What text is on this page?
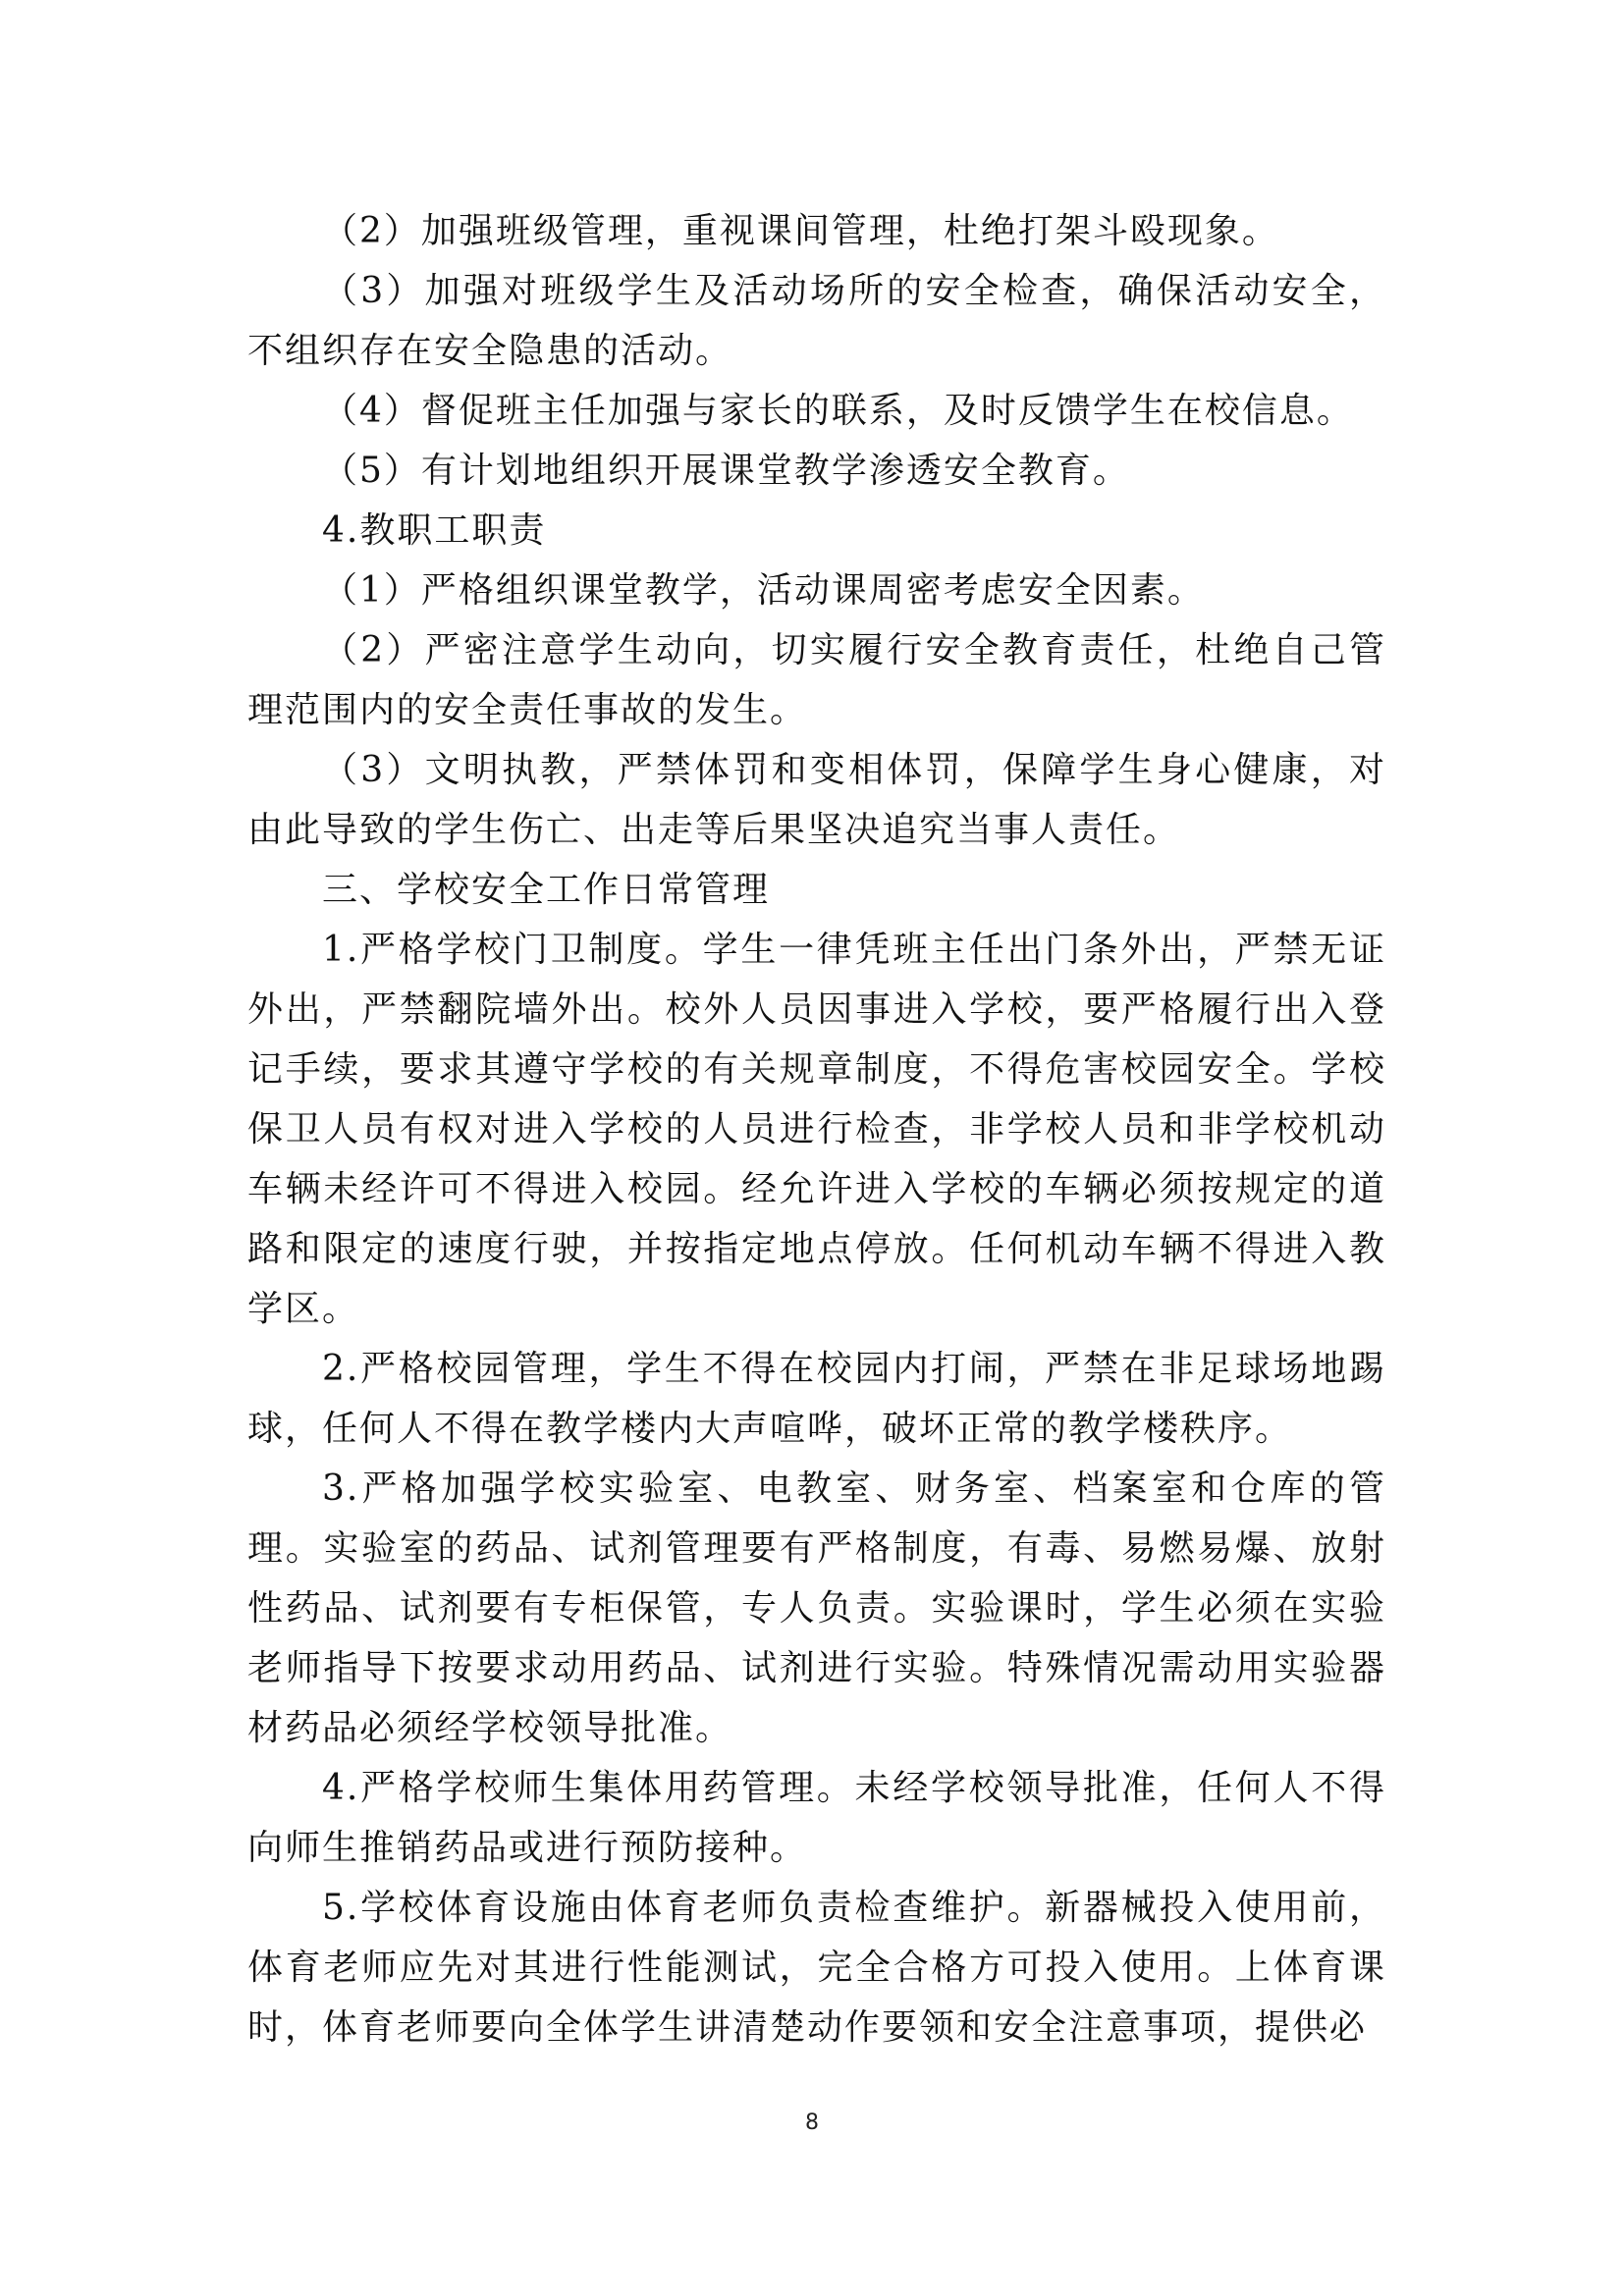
（2）加强班级管理，重视课间管理，杜绝打架斗殴现象。

（3）加强对班级学生及活动场所的安全检查，确保活动安全，不组织存在安全隐患的活动。

（4）督促班主任加强与家长的联系，及时反馈学生在校信息。

（5）有计划地组织开展课堂教学渗透安全教育。

4.教职工职责

（1）严格组织课堂教学，活动课周密考虑安全因素。

（2）严密注意学生动向，切实履行安全教育责任，杜绝自己管理范围内的安全责任事故的发生。

（3）文明执教，严禁体罚和变相体罚，保障学生身心健康，对由此导致的学生伤亡、出走等后果坚决追究当事人责任。

三、学校安全工作日常管理

1.严格学校门卫制度。学生一律凭班主任出门条外出，严禁无证外出，严禁翻院墙外出。校外人员因事进入学校，要严格履行出入登记手续，要求其遵守学校的有关规章制度，不得危害校园安全。学校保卫人员有权对进入学校的人员进行检查，非学校人员和非学校机动车辆未经许可不得进入校园。经允许进入学校的车辆必须按规定的道路和限定的速度行驶，并按指定地点停放。任何机动车辆不得进入教学区。

2.严格校园管理，学生不得在校园内打闹，严禁在非足球场地踢球，任何人不得在教学楼内大声喧哗，破坏正常的教学楼秩序。

3.严格加强学校实验室、电教室、财务室、档案室和仓库的管理。实验室的药品、试剂管理要有严格制度，有毒、易燃易爆、放射性药品、试剂要有专柜保管，专人负责。实验课时，学生必须在实验老师指导下按要求动用药品、试剂进行实验。特殊情况需动用实验器材药品必须经学校领导批准。

4.严格学校师生集体用药管理。未经学校领导批准，任何人不得向师生推销药品或进行预防接种。

5.学校体育设施由体育老师负责检查维护。新器械投入使用前，体育老师应先对其进行性能测试，完全合格方可投入使用。上体育课时，体育老师要向全体学生讲清楚动作要领和安全注意事项，提供必

8
